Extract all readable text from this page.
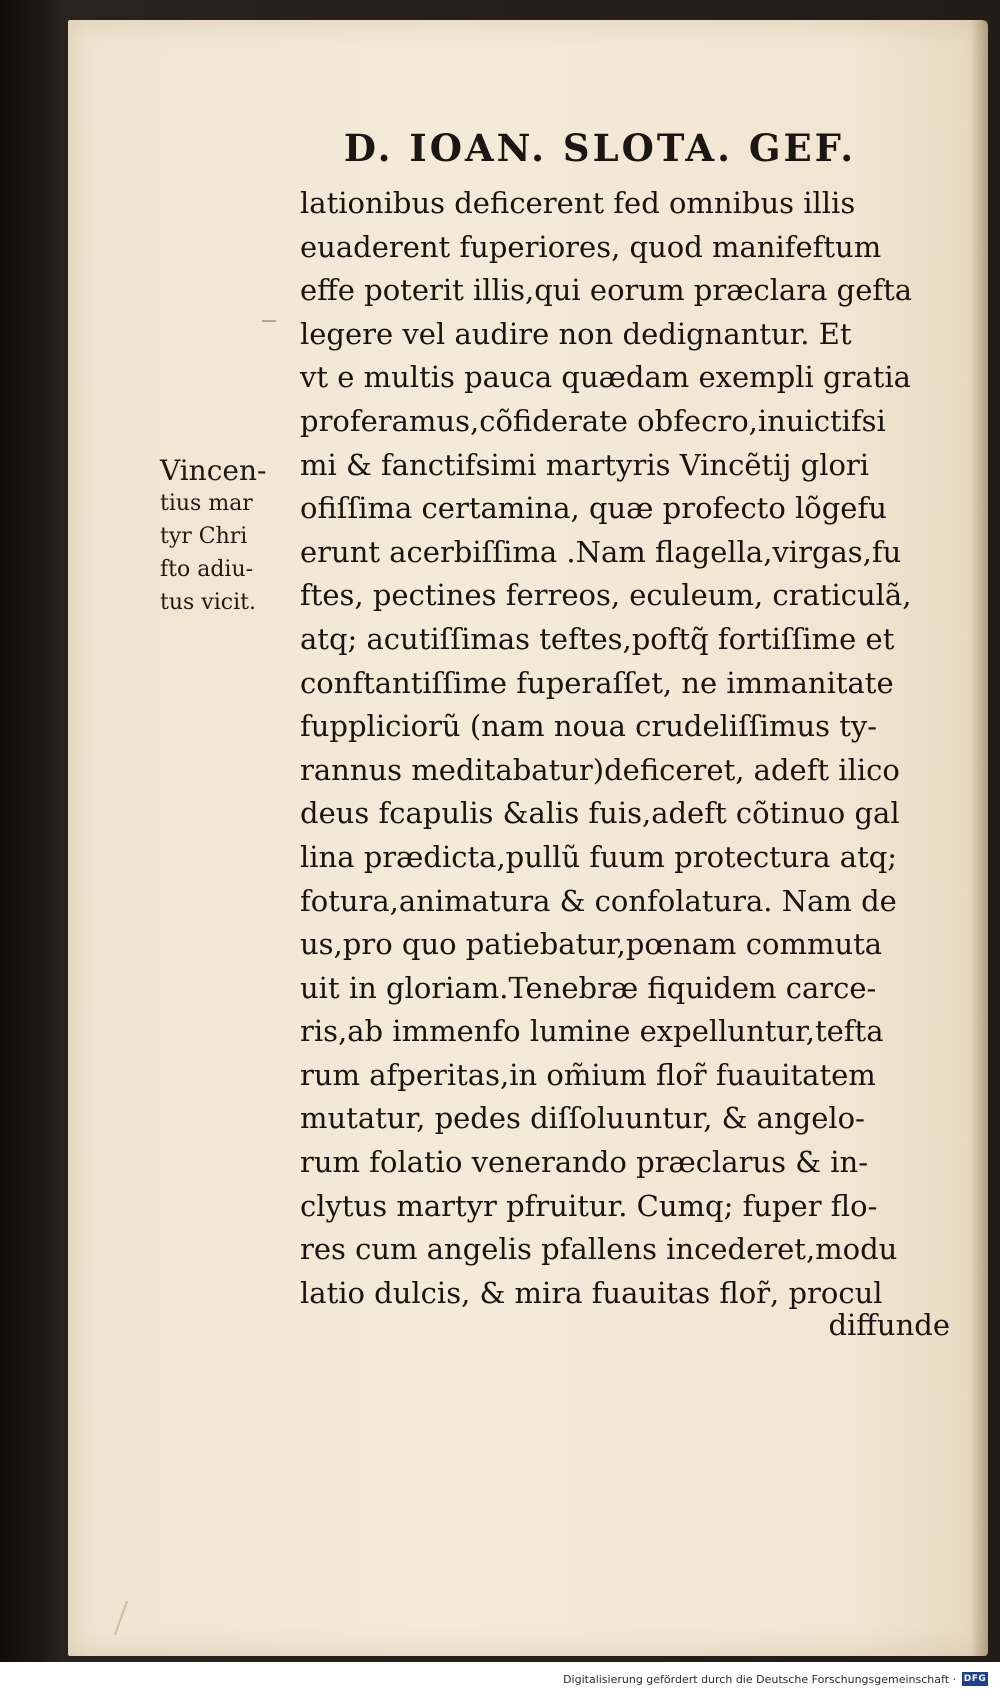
D. IOAN. SLOTA. GEF.
Vincen-
tius mar
tyr Chri
fto adiu-
tus vicit.
lationibus deficerent fed omnibus illis
euaderent fuperiores, quod manifeftum
effe poterit illis,qui eorum præclara gefta
legere vel audire non dedignantur. Et
vt e multis pauca quædam exempli gratia
proferamus,cõfiderate obfecro,inuictifsi
mi & fanctifsimi martyris Vincẽtij glori
ofiſſima certamina, quæ profecto lõgefu
erunt acerbiſſima .Nam flagella,virgas,fu
ftes, pectines ferreos, eculeum, craticulã,
atq; acutiſſimas teftes,poftq̃ fortiſſime et
conftantiſſime fuperaſſet, ne immanitate
fuppliciorũ (nam noua crudeliſſimus ty-
rannus meditabatur)deficeret, adeft ilico
deus fcapulis &alis fuis,adeft cõtinuo gal
lina prædicta,pullũ fuum protectura atq;
fotura,animatura & confolatura. Nam de
us,pro quo patiebatur,pœnam commuta
uit in gloriam.Tenebræ fiquidem carce-
ris,ab immenfo lumine expelluntur,tefta
rum afperitas,in om̃ium flor̃ fuauitatem
mutatur, pedes diſſoluuntur, & angelo-
rum folatio venerando præclarus & in-
clytus martyr pfruitur. Cumq; fuper flo-
res cum angelis pfallens incederet,modu
latio dulcis, & mira fuauitas flor̃, procul
diffunde
Digitalisierung gefördert durch die Deutsche Forschungsgemeinschaft · DFG
